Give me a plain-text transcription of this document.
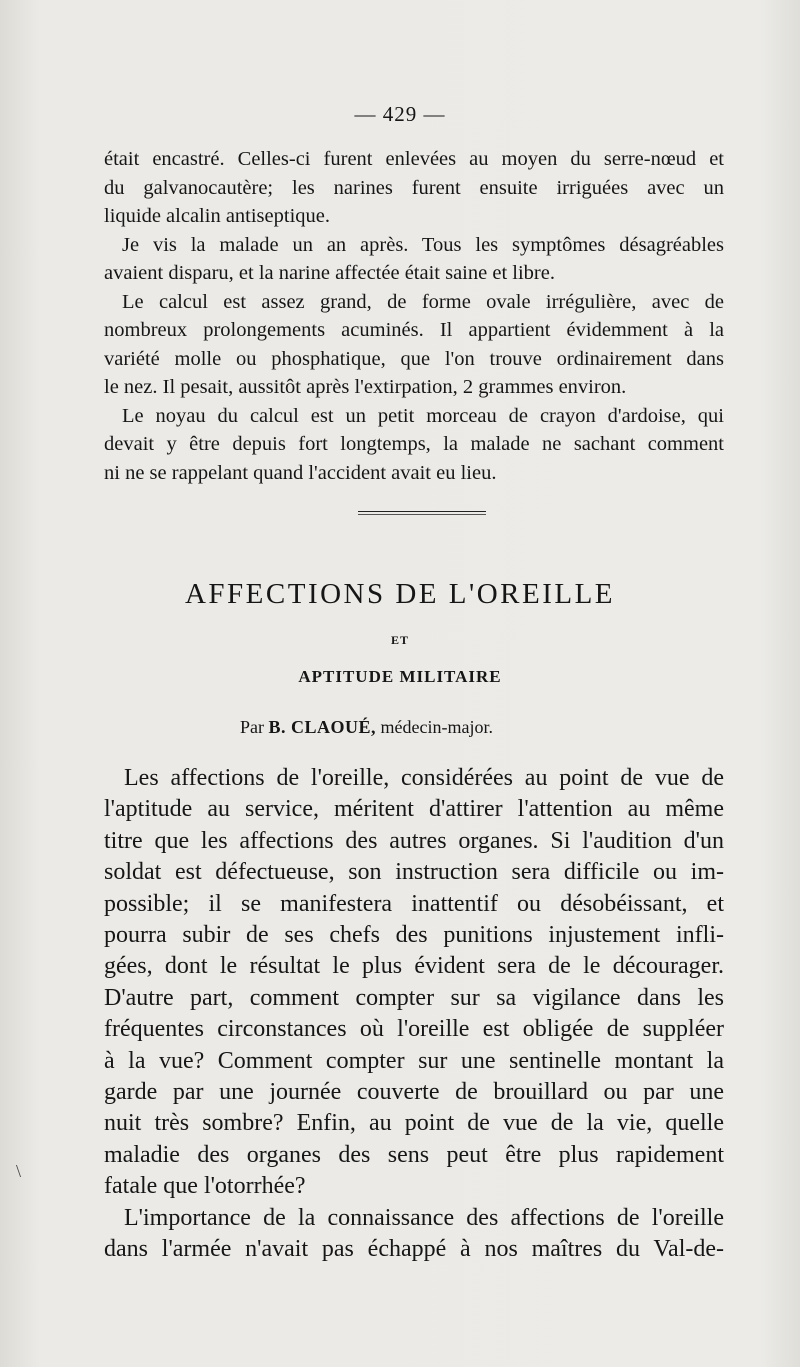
— 429 —

était encastré. Celles-ci furent enlevées au moyen du serre-nœud et
du galvanocautère; les narines furent ensuite irriguées avec un
liquide alcalin antiseptique.

Je vis la malade un an après. Tous les symptômes désagréables
avaient disparu, et la narine affectée était saine et libre.

Le calcul est assez grand, de forme ovale irrégulière, avec de
nombreux prolongements acuminés. Il appartient évidemment à la
variété molle ou phosphatique, que l'on trouve ordinairement dans
le nez. Il pesait, aussitôt après l'extirpation, 2 grammes environ.

Le noyau du calcul est un petit morceau de crayon d'ardoise, qui
devait y être depuis fort longtemps, la malade ne sachant comment
ni ne se rappelant quand l'accident avait eu lieu.

AFFECTIONS DE L'OREILLE
ET
APTITUDE MILITAIRE
Par B. CLAOUÉ, médecin-major.
Les affections de l'oreille, considérées au point de vue de
l'aptitude au service, méritent d'attirer l'attention au même
titre que les affections des autres organes. Si l'audition d'un
soldat est défectueuse, son instruction sera difficile ou im-
possible; il se manifestera inattentif ou désobéissant, et
pourra subir de ses chefs des punitions injustement infli-
gées, dont le résultat le plus évident sera de le décourager.
D'autre part, comment compter sur sa vigilance dans les
fréquentes circonstances où l'oreille est obligée de suppléer
à la vue? Comment compter sur une sentinelle montant la
garde par une journée couverte de brouillard ou par une
nuit très sombre? Enfin, au point de vue de la vie, quelle
maladie des organes des sens peut être plus rapidement
fatale que l'otorrhée?
L'importance de la connaissance des affections de l'oreille
dans l'armée n'avait pas échappé à nos maîtres du Val-de-
\
